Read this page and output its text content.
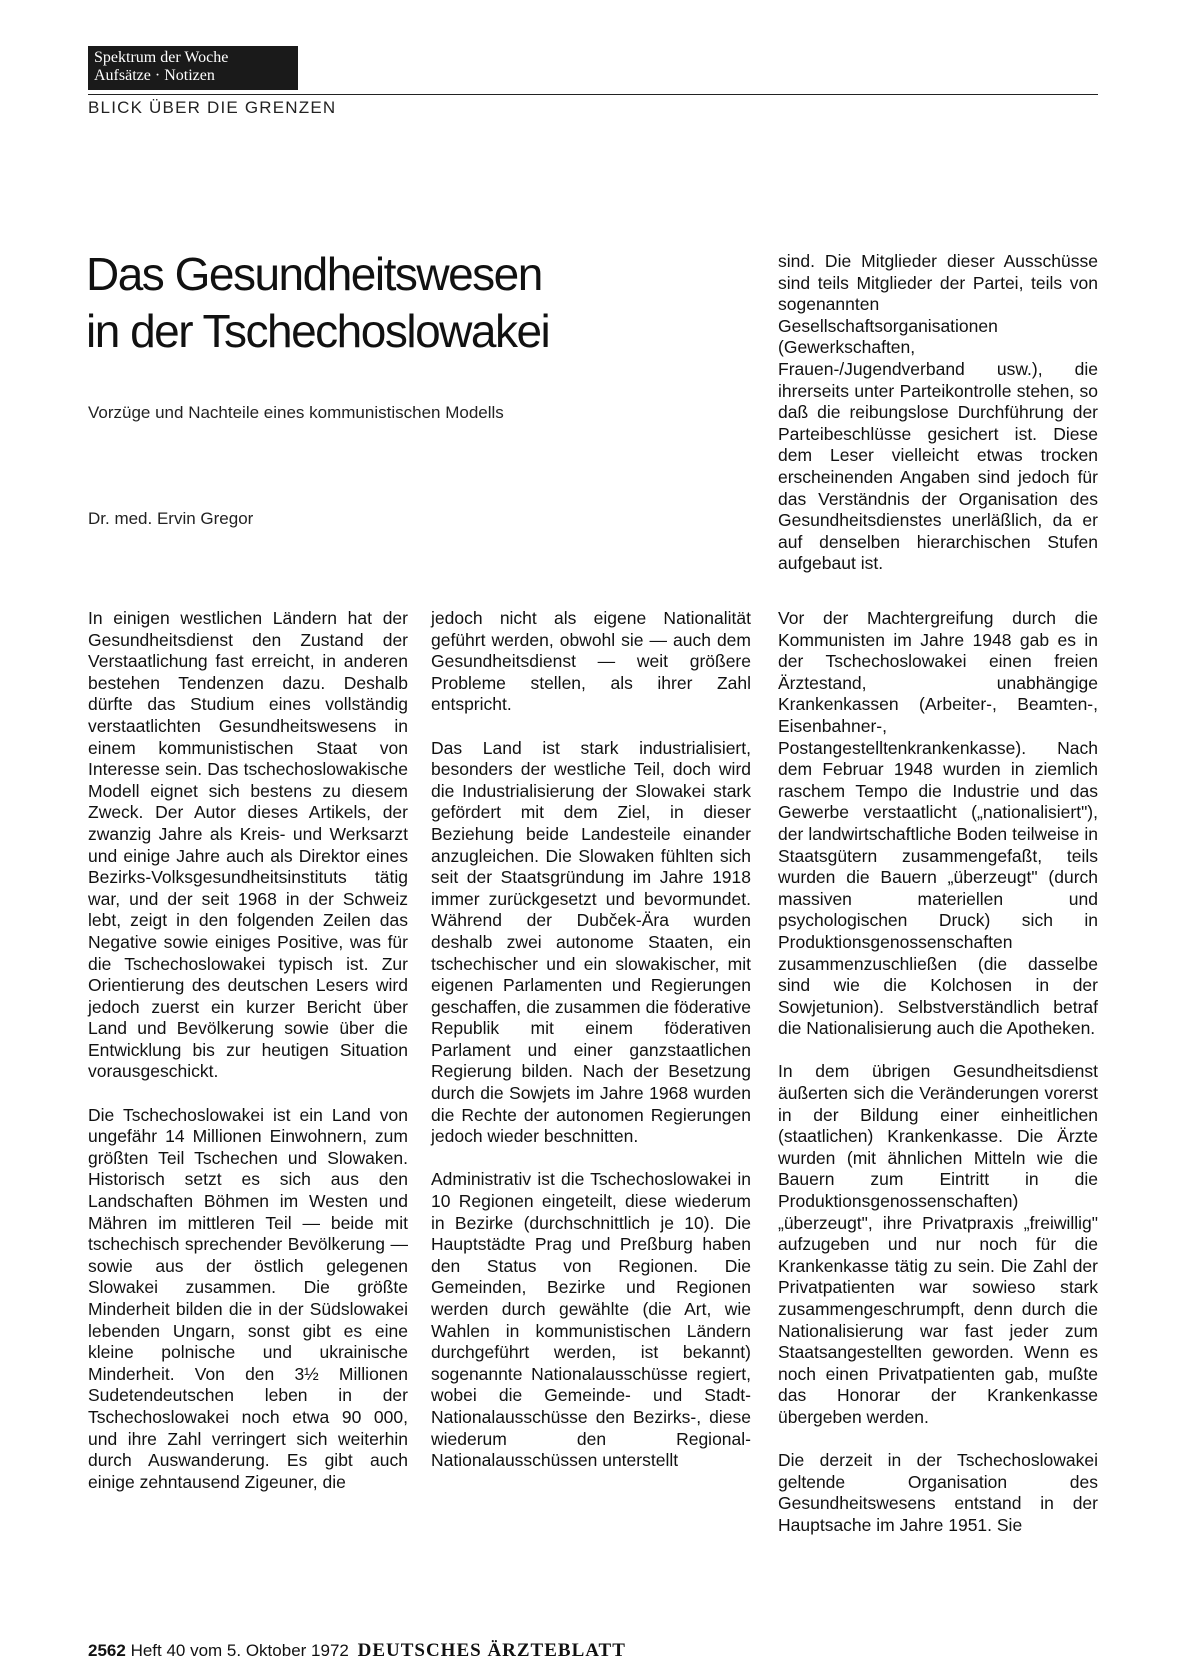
Spektrum der Woche
Aufsätze · Notizen
BLICK ÜBER DIE GRENZEN
Das Gesundheitswesen
in der Tschechoslowakei
Vorzüge und Nachteile eines kommunistischen Modells
Dr. med. Ervin Gregor

sind. Die Mitglieder dieser Ausschüsse sind teils Mitglieder der Partei, teils von sogenannten Gesellschaftsorganisationen (Gewerkschaften, Frauen-/Jugendverband usw.), die ihrerseits unter Parteikontrolle stehen, so daß die reibungslose Durchführung der Parteibeschlüsse gesichert ist. Diese dem Leser vielleicht etwas trocken erscheinenden Angaben sind jedoch für das Verständnis der Organisation des Gesundheitsdienstes unerläßlich, da er auf denselben hierarchischen Stufen aufgebaut ist.

In einigen westlichen Ländern hat der Gesundheitsdienst den Zustand der Verstaatlichung fast erreicht, in anderen bestehen Tendenzen dazu. Deshalb dürfte das Studium eines vollständig verstaatlichten Gesundheitswesens in einem kommunistischen Staat von Interesse sein. Das tschechoslowakische Modell eignet sich bestens zu diesem Zweck. Der Autor dieses Artikels, der zwanzig Jahre als Kreis- und Werksarzt und einige Jahre auch als Direktor eines Bezirks-Volksgesundheitsinstituts tätig war, und der seit 1968 in der Schweiz lebt, zeigt in den folgenden Zeilen das Negative sowie einiges Positive, was für die Tschechoslowakei typisch ist. Zur Orientierung des deutschen Lesers wird jedoch zuerst ein kurzer Bericht über Land und Bevölkerung sowie über die Entwicklung bis zur heutigen Situation vorausgeschickt.

Die Tschechoslowakei ist ein Land von ungefähr 14 Millionen Einwohnern, zum größten Teil Tschechen und Slowaken. Historisch setzt es sich aus den Landschaften Böhmen im Westen und Mähren im mittleren Teil — beide mit tschechisch sprechender Bevölkerung — sowie aus der östlich gelegenen Slowakei zusammen. Die größte Minderheit bilden die in der Südslowakei lebenden Ungarn, sonst gibt es eine kleine polnische und ukrainische Minderheit. Von den 3½ Millionen Sudetendeutschen leben in der Tschechoslowakei noch etwa 90 000, und ihre Zahl verringert sich weiterhin durch Auswanderung. Es gibt auch einige zehntausend Zigeuner, die

jedoch nicht als eigene Nationalität geführt werden, obwohl sie — auch dem Gesundheitsdienst — weit größere Probleme stellen, als ihrer Zahl entspricht.

Das Land ist stark industrialisiert, besonders der westliche Teil, doch wird die Industrialisierung der Slowakei stark gefördert mit dem Ziel, in dieser Beziehung beide Landesteile einander anzugleichen. Die Slowaken fühlten sich seit der Staatsgründung im Jahre 1918 immer zurückgesetzt und bevormundet. Während der Dubček-Ära wurden deshalb zwei autonome Staaten, ein tschechischer und ein slowakischer, mit eigenen Parlamenten und Regierungen geschaffen, die zusammen die föderative Republik mit einem föderativen Parlament und einer ganzstaatlichen Regierung bilden. Nach der Besetzung durch die Sowjets im Jahre 1968 wurden die Rechte der autonomen Regierungen jedoch wieder beschnitten.

Administrativ ist die Tschechoslowakei in 10 Regionen eingeteilt, diese wiederum in Bezirke (durchschnittlich je 10). Die Hauptstädte Prag und Preßburg haben den Status von Regionen. Die Gemeinden, Bezirke und Regionen werden durch gewählte (die Art, wie Wahlen in kommunistischen Ländern durchgeführt werden, ist bekannt) sogenannte Nationalausschüsse regiert, wobei die Gemeinde- und Stadt-Nationalausschüsse den Bezirks-, diese wiederum den Regional-Nationalausschüssen unterstellt

Vor der Machtergreifung durch die Kommunisten im Jahre 1948 gab es in der Tschechoslowakei einen freien Ärztestand, unabhängige Krankenkassen (Arbeiter-, Beamten-, Eisenbahner-, Postangestelltenkrankenkasse). Nach dem Februar 1948 wurden in ziemlich raschem Tempo die Industrie und das Gewerbe verstaatlicht („nationalisiert"), der landwirtschaftliche Boden teilweise in Staatsgütern zusammengefaßt, teils wurden die Bauern „überzeugt" (durch massiven materiellen und psychologischen Druck) sich in Produktionsgenossenschaften zusammenzuschließen (die dasselbe sind wie die Kolchosen in der Sowjetunion). Selbstverständlich betraf die Nationalisierung auch die Apotheken.

In dem übrigen Gesundheitsdienst äußerten sich die Veränderungen vorerst in der Bildung einer einheitlichen (staatlichen) Krankenkasse. Die Ärzte wurden (mit ähnlichen Mitteln wie die Bauern zum Eintritt in die Produktionsgenossenschaften) „überzeugt", ihre Privatpraxis „freiwillig" aufzugeben und nur noch für die Krankenkasse tätig zu sein. Die Zahl der Privatpatienten war sowieso stark zusammengeschrumpft, denn durch die Nationalisierung war fast jeder zum Staatsangestellten geworden. Wenn es noch einen Privatpatienten gab, mußte das Honorar der Krankenkasse übergeben werden.

Die derzeit in der Tschechoslowakei geltende Organisation des Gesundheitswesens entstand in der Hauptsache im Jahre 1951. Sie

2562 Heft 40 vom 5. Oktober 1972 DEUTSCHES ÄRZTEBLATT
